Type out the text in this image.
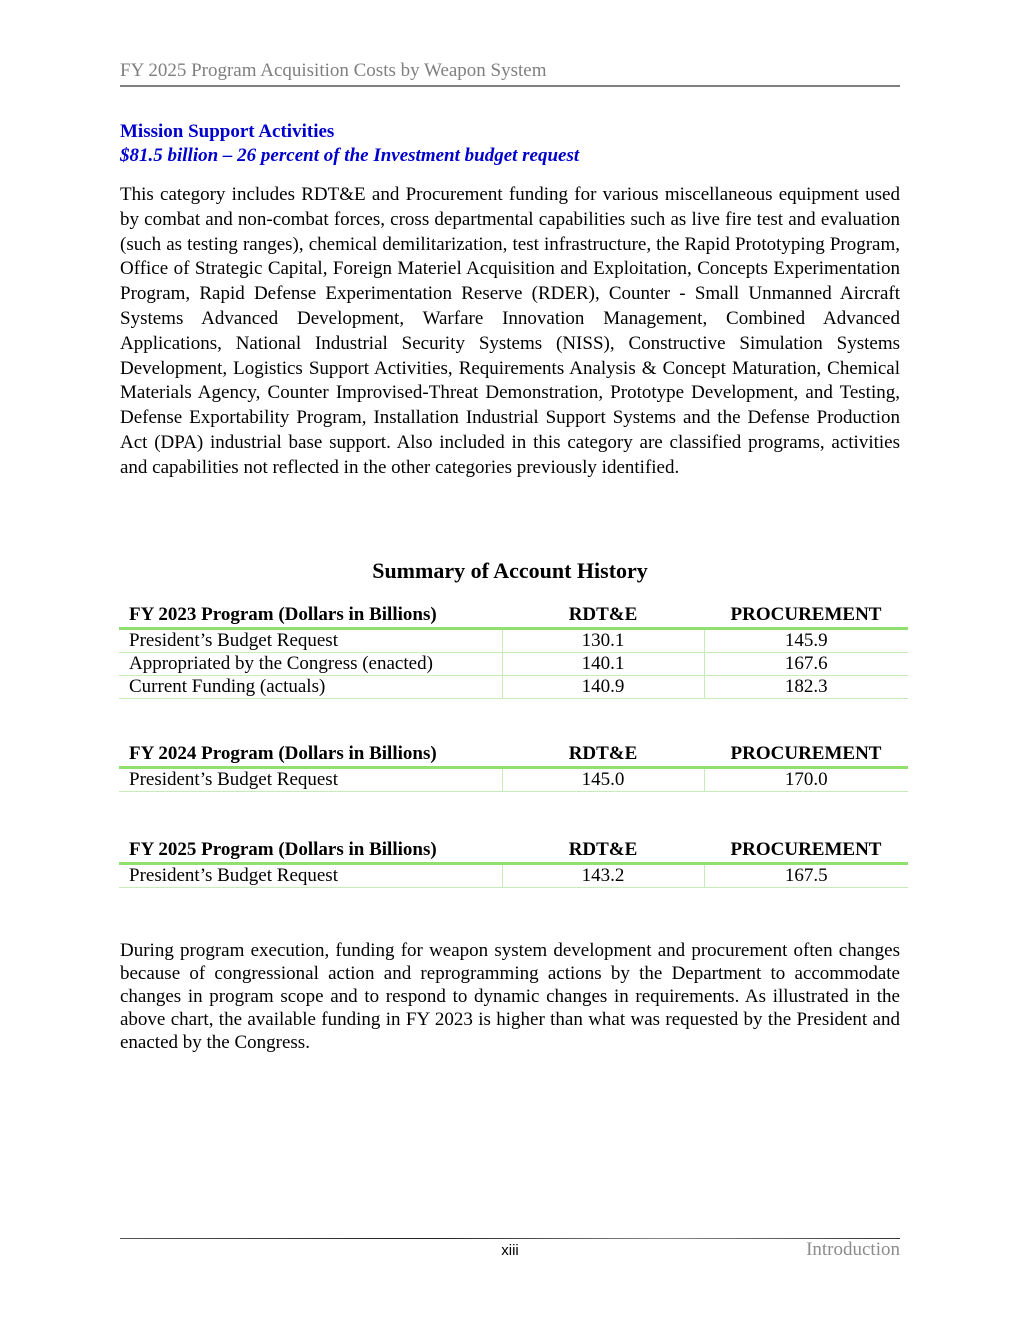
FY 2025 Program Acquisition Costs by Weapon System
Mission Support Activities
$81.5 billion – 26 percent of the Investment budget request
This category includes RDT&E and Procurement funding for various miscellaneous equipment used by combat and non-combat forces, cross departmental capabilities such as live fire test and evaluation (such as testing ranges), chemical demilitarization, test infrastructure, the Rapid Prototyping Program, Office of Strategic Capital, Foreign Materiel Acquisition and Exploitation, Concepts Experimentation Program, Rapid Defense Experimentation Reserve (RDER), Counter - Small Unmanned Aircraft Systems Advanced Development, Warfare Innovation Management, Combined Advanced Applications, National Industrial Security Systems (NISS), Constructive Simulation Systems Development, Logistics Support Activities, Requirements Analysis & Concept Maturation, Chemical Materials Agency, Counter Improvised-Threat Demonstration, Prototype Development, and Testing, Defense Exportability Program, Installation Industrial Support Systems and the Defense Production Act (DPA) industrial base support. Also included in this category are classified programs, activities and capabilities not reflected in the other categories previously identified.
Summary of Account History
FY 2023 Program (Dollars in Billions)	RDT&E	PROCUREMENT
President’s Budget Request	130.1	145.9
Appropriated by the Congress (enacted)	140.1	167.6
Current Funding (actuals)	140.9	182.3
FY 2024 Program (Dollars in Billions)	RDT&E	PROCUREMENT
President’s Budget Request	145.0	170.0
FY 2025 Program (Dollars in Billions)	RDT&E	PROCUREMENT
President’s Budget Request	143.2	167.5
During program execution, funding for weapon system development and procurement often changes because of congressional action and reprogramming actions by the Department to accommodate changes in program scope and to respond to dynamic changes in requirements. As illustrated in the above chart, the available funding in FY 2023 is higher than what was requested by the President and enacted by the Congress.
xiii	Introduction
